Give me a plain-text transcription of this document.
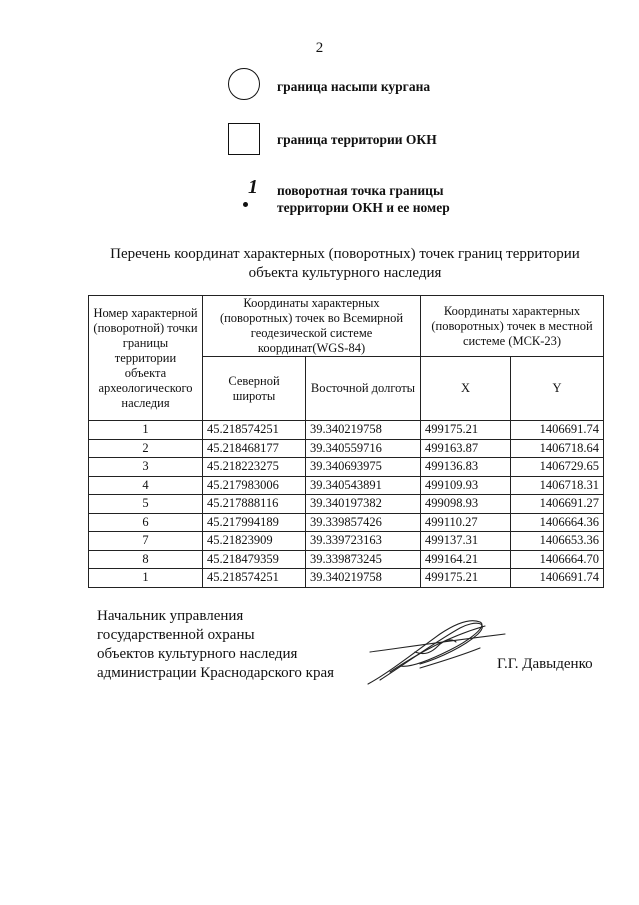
2
граница насыпи кургана
граница территории ОКН
1 поворотная точка границы
территории ОКН и ее номер
Перечень координат характерных (поворотных) точек границ территории
объекта культурного наследия
Номер характерной (поворотной) точки границы территории объекта археологического наследия	Координаты характерных (поворотных) точек во Всемирной геодезической системе координат(WGS-84)		Координаты характерных (поворотных) точек в местной системе (МСК-23)	
	Северной широты	Восточной долготы	X	Y
1	45.218574251	39.340219758	499175.21	1406691.74
2	45.218468177	39.340559716	499163.87	1406718.64
3	45.218223275	39.340693975	499136.83	1406729.65
4	45.217983006	39.340543891	499109.93	1406718.31
5	45.217888116	39.340197382	499098.93	1406691.27
6	45.217994189	39.339857426	499110.27	1406664.36
7	45.21823909	39.339723163	499137.31	1406653.36
8	45.218479359	39.339873245	499164.21	1406664.70
1	45.218574251	39.340219758	499175.21	1406691.74
Начальник управления
государственной охраны
объектов культурного наследия
администрации Краснодарского края
Г.Г. Давыденко
